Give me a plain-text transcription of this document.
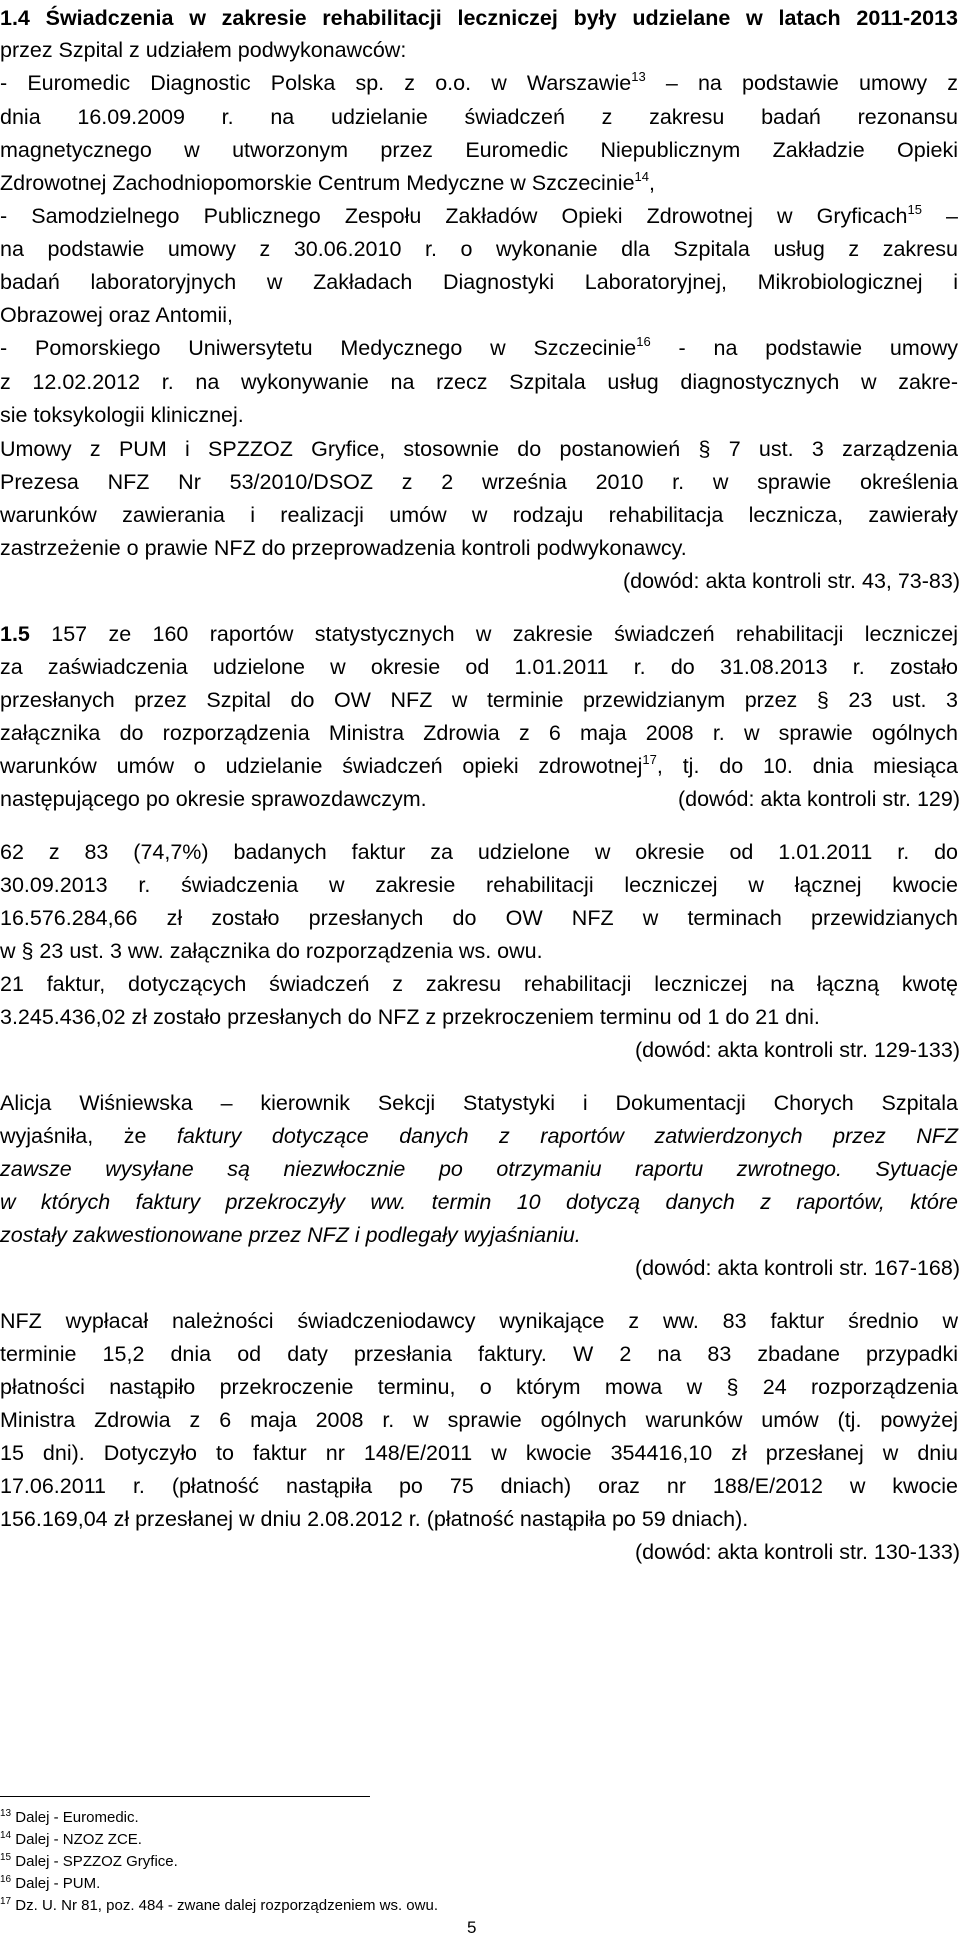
1.4 Świadczenia w zakresie rehabilitacji leczniczej były udzielane w latach 2011-2013
przez Szpital z udziałem podwykonawców:
- Euromedic Diagnostic Polska sp. z o.o. w Warszawie$^{13}$ – na podstawie umowy z
dnia 16.09.2009 r. na udzielanie świadczeń z zakresu badań rezonansu
magnetycznego w utworzonym przez Euromedic Niepublicznym Zakładzie Opieki
Zdrowotnej Zachodniopomorskie Centrum Medyczne w Szczecinie$^{14}$,
- Samodzielnego Publicznego Zespołu Zakładów Opieki Zdrowotnej w Gryficach$^{15}$ –
na podstawie umowy z 30.06.2010 r. o wykonanie dla Szpitala usług z zakresu
badań laboratoryjnych w Zakładach Diagnostyki Laboratoryjnej, Mikrobiologicznej i
Obrazowej oraz Antomii,
- Pomorskiego Uniwersytetu Medycznego w Szczecinie$^{16}$ - na podstawie umowy
z 12.02.2012 r. na wykonywanie na rzecz Szpitala usług diagnostycznych w zakre-
sie toksykologii klinicznej.
Umowy z PUM i SPZZOZ Gryfice, stosownie do postanowień § 7 ust. 3 zarządzenia
Prezesa NFZ Nr 53/2010/DSOZ z 2 września 2010 r. w sprawie określenia
warunków zawierania i realizacji umów w rodzaju rehabilitacja lecznicza, zawierały
zastrzeżenie o prawie NFZ do przeprowadzenia kontroli podwykonawcy.
(dowód: akta kontroli str. 43, 73-83)
1.5 157 ze 160 raportów statystycznych w zakresie świadczeń rehabilitacji leczniczej
za zaświadczenia udzielone w okresie od 1.01.2011 r. do 31.08.2013 r. zostało
przesłanych przez Szpital do OW NFZ w terminie przewidzianym przez § 23 ust. 3
załącznika do rozporządzenia Ministra Zdrowia z 6 maja 2008 r. w sprawie ogólnych
warunków umów o udzielanie świadczeń opieki zdrowotnej$^{17}$, tj. do 10. dnia miesiąca
następującego po okresie sprawozdawczym.	(dowód: akta kontroli str. 129)
62 z 83 (74,7%) badanych faktur za udzielone w okresie od 1.01.2011 r. do
30.09.2013 r. świadczenia w zakresie rehabilitacji leczniczej w łącznej kwocie
16.576.284,66 zł zostało przesłanych do OW NFZ w terminach przewidzianych
w § 23 ust. 3 ww. załącznika do rozporządzenia ws. owu.
21 faktur, dotyczących świadczeń z zakresu rehabilitacji leczniczej na łączną kwotę
3.245.436,02 zł zostało przesłanych do NFZ z przekroczeniem terminu od 1 do 21 dni.
(dowód: akta kontroli str. 129-133)
Alicja Wiśniewska – kierownik Sekcji Statystyki i Dokumentacji Chorych Szpitala
wyjaśniła, że faktury dotyczące danych z raportów zatwierdzonych przez NFZ
zawsze wysyłane są niezwłocznie po otrzymaniu raportu zwrotnego. Sytuacje
w których faktury przekroczyły ww. termin 10 dotyczą danych z raportów, które
zostały zakwestionowane przez NFZ i podlegały wyjaśnianiu.
(dowód: akta kontroli str. 167-168)
NFZ wypłacał należności świadczeniodawcy wynikające z ww. 83 faktur średnio w
terminie 15,2 dnia od daty przesłania faktury. W 2 na 83 zbadane przypadki
płatności nastąpiło przekroczenie terminu, o którym mowa w § 24 rozporządzenia
Ministra Zdrowia z 6 maja 2008 r. w sprawie ogólnych warunków umów (tj. powyżej
15 dni). Dotyczyło to faktur nr 148/E/2011 w kwocie 354416,10 zł przesłanej w dniu
17.06.2011 r. (płatność nastąpiła po 75 dniach) oraz nr 188/E/2012 w kwocie
156.169,04 zł przesłanej w dniu 2.08.2012 r. (płatność nastąpiła po 59 dniach).
(dowód: akta kontroli str. 130-133)
$^{13}$ Dalej - Euromedic.
$^{14}$ Dalej - NZOZ ZCE.
$^{15}$ Dalej - SPZZOZ Gryfice.
$^{16}$ Dalej - PUM.
$^{17}$ Dz. U. Nr 81, poz. 484 - zwane dalej rozporządzeniem ws. owu.
5
